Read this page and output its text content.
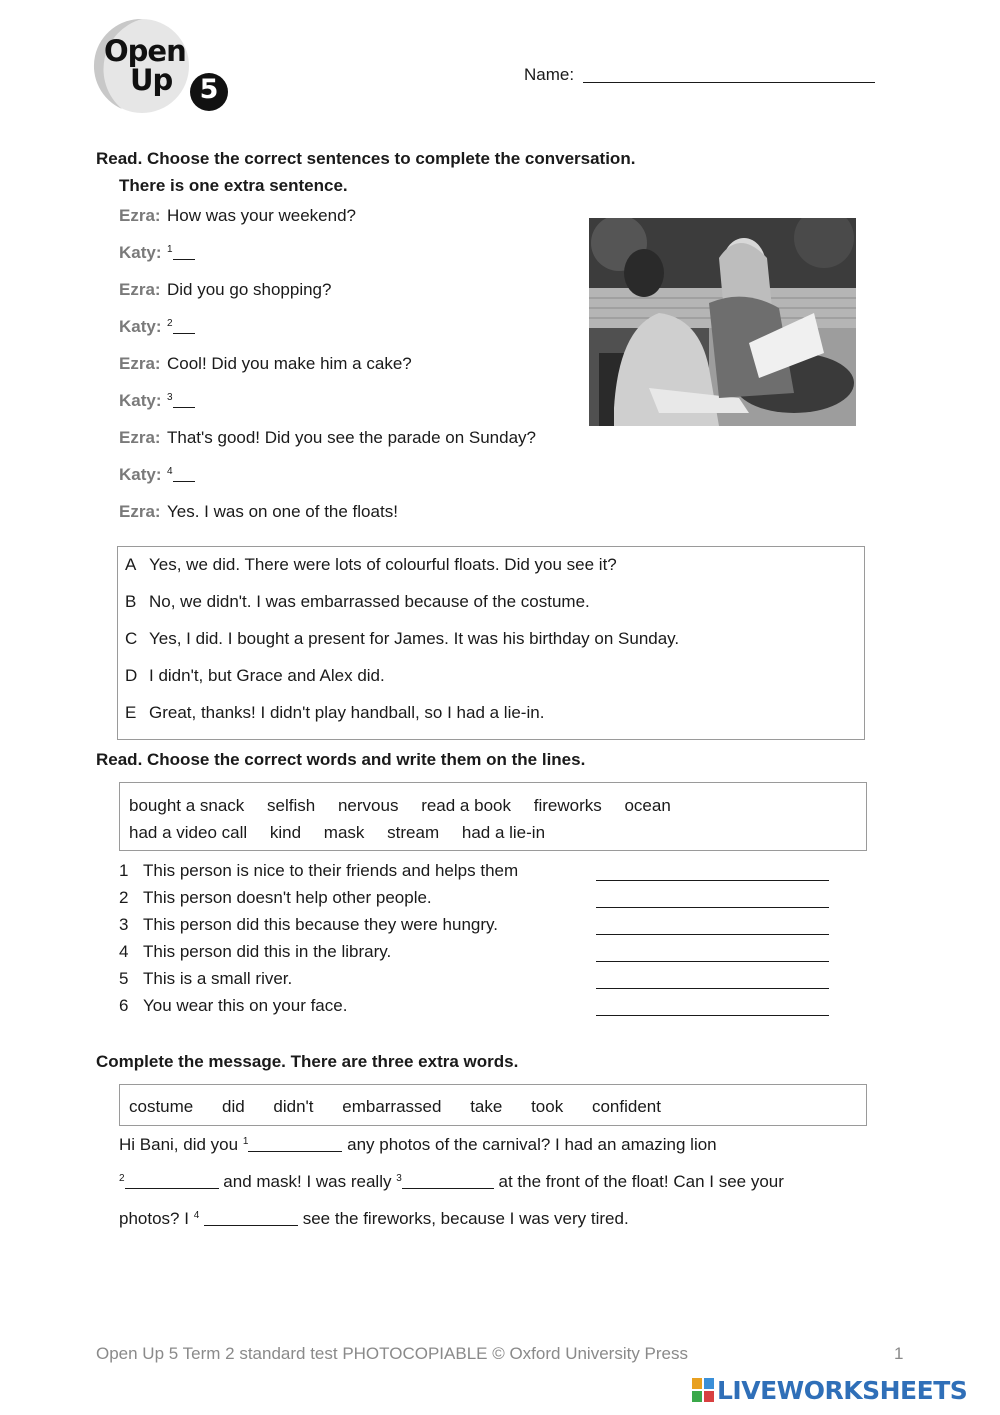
Open
Up	5	Name:
Read. Choose the correct sentences to complete the conversation.
There is one extra sentence.
Ezra: How was your weekend?
Katy: $^1$
Ezra: Did you go shopping?
Katy: $^2$
Ezra: Cool! Did you make him a cake?
Katy: $^3$
Ezra: That's good! Did you see the parade on Sunday?
Katy: $^4$
Ezra: Yes. I was on one of the floats!
A Yes, we did. There were lots of colourful floats. Did you see it?
B No, we didn't. I was embarrassed because of the costume.
C Yes, I did. I bought a present for James. It was his birthday on Sunday.
D I didn't, but Grace and Alex did.
E Great, thanks! I didn't play handball, so I had a lie-in.
Read. Choose the correct words and write them on the lines.
bought a snack selfish nervous read a book fireworks ocean
had a video call kind mask stream had a lie-in
1 This person is nice to their friends and helps them
2 This person doesn't help other people.
3 This person did this because they were hungry.
4 This person did this in the library.
5 This is a small river.
6 You wear this on your face.
Complete the message. There are three extra words.
costume did didn't embarrassed take took confident
Hi Bani, did you $^1$	any photos of the carnival? I had an amazing lion
$^2$	and mask! I was really $^3$	at the front of the float! Can I see your
photos? I $^4$	see the fireworks, because I was very tired.
Open Up 5 Term 2 standard test PHOTOCOPIABLE © Oxford University Press	1
LIVEWORKSHEETS
